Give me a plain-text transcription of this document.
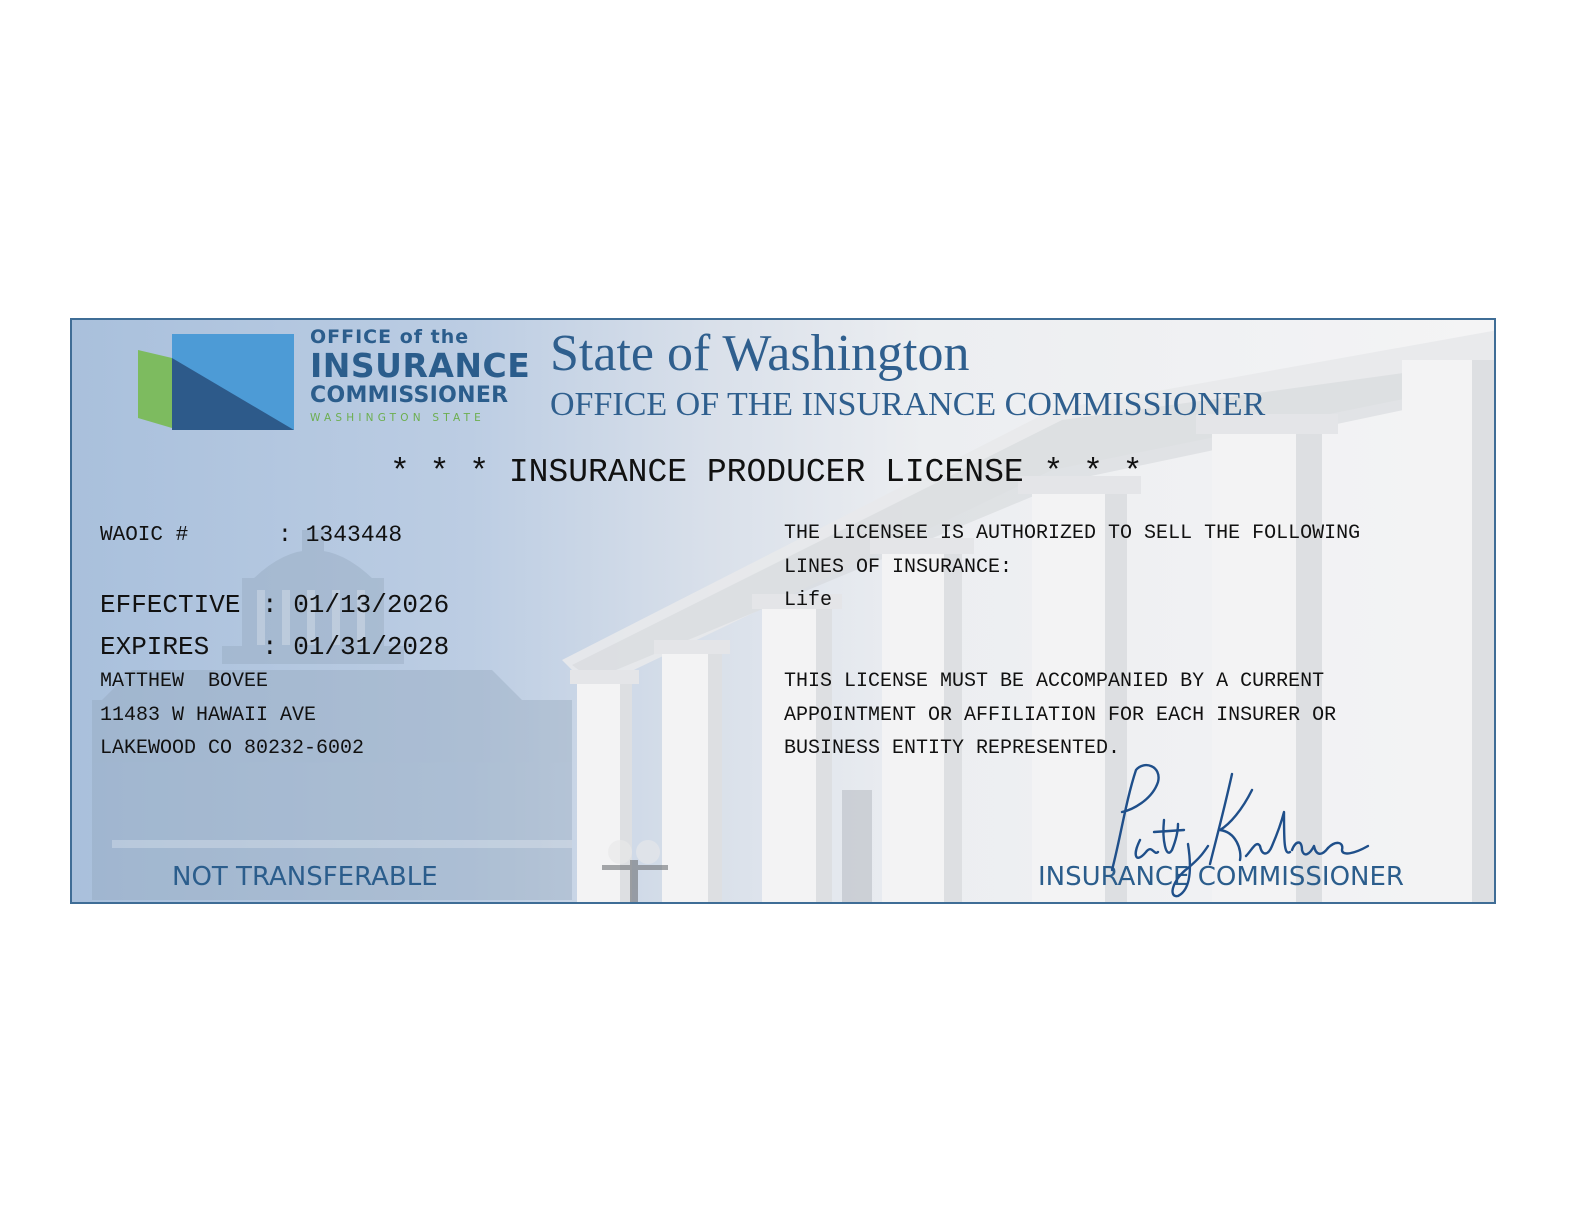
OFFICE of the
INSURANCE
COMMISSIONER
WASHINGTON STATE
State of Washington
OFFICE OF THE INSURANCE COMMISSIONER
* * * INSURANCE PRODUCER LICENSE * * *
WAOIC #	: 1343448
EFFECTIVE : 01/13/2026
EXPIRES : 01/31/2028
MATTHEW  BOVEE
11483 W HAWAII AVE
LAKEWOOD CO 80232-6002
THE LICENSEE IS AUTHORIZED TO SELL THE FOLLOWING
LINES OF INSURANCE:
Life
THIS LICENSE MUST BE ACCOMPANIED BY A CURRENT
APPOINTMENT OR AFFILIATION FOR EACH INSURER OR
BUSINESS ENTITY REPRESENTED.
NOT TRANSFERABLE	INSURANCE COMMISSIONER
